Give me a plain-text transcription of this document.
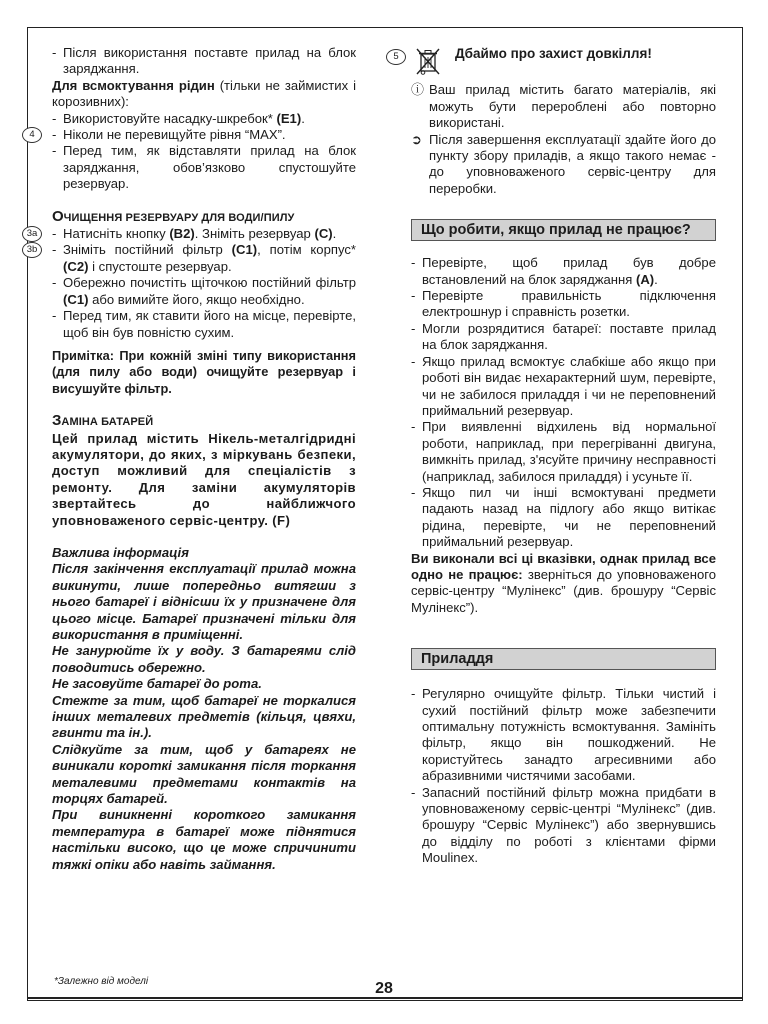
- Після використання поставте прилад на блок заряджання.

Для всмоктування рідин (тільки не займистих і корозивних):

- Використовуйте насадку-шкребок* (E1).
4	- Ніколи не перевищуйте рівня “MAX”.
- Перед тим, як відставляти прилад на блок заряджання, обов’язково спустошуйте резервуар.

ОЧИЩЕННЯ РЕЗЕРВУАРУ ДЛЯ ВОДИ/ПИЛУ

3a	- Натисніть кнопку (B2). Зніміть резервуар (C).
3b	- Зніміть постійний фільтр (C1), потім корпус* (C2) і спустоште резервуар.
- Обережно почистіть щіточкою постійний фільтр (C1) або вимийте його, якщо необхідно.
- Перед тим, як ставити його на місце, перевірте, щоб він був повністю сухим.

Примітка: При кожній зміні типу використання (для пилу або води) очищуйте резервуар і висушуйте фільтр.

ЗАМІНА БАТАРЕЙ

Цей прилад містить Нікель-металгідридні акумулятори, до яких, з міркувань безпеки, доступ можливий для спеціалістів з ремонту. Для заміни акумуляторів звертайтесь до найближчого уповноваженого сервіс-центру. (F)

Важлива інформація

Після закінчення експлуатації прилад можна викинути, лише попередньо витягши з нього батареї і віднісши їх у призначене для цього місце. Батареї призначені тільки для використання в приміщенні.

Не занурюйте їх у воду. З батареями слід поводитись обережно.

Не засовуйте батареї до рота.

Стежте за тим, щоб батареї не торкалися інших металевих предметів (кільця, цвяхи, гвинти та ін.).

Слідкуйте за тим, щоб у батареях не виникали короткі замикання після торкання металевими предметами контактів на торцях батарей.

При виникненні короткого замикання температура в батареї може піднятися настільки високо, що це може спричинити тяжкі опіки або навіть займання.

5	Дбаймо про захист довкілля!

ⓘ Ваш прилад містить багато матеріалів, які можуть бути перероблені або повторно використані.
➲ Після завершення експлуатації здайте його до пункту збору приладів, а якщо такого немає - до уповноваженого сервіс-центру для переробки.
Що робити, якщо прилад не працює?
- Перевірте, щоб прилад був добре встановлений на блок заряджання (A).
- Перевірте правильність підключення електрошнур і справність розетки.
- Могли розрядитися батареї: поставте прилад на блок заряджання.
- Якщо прилад всмоктує слабкіше або якщо при роботі він видає нехарактерний шум, перевірте, чи не забилося приладдя і чи не переповнений приймальний резервуар.
- При виявленні відхилень від нормальної роботи, наприклад, при перегріванні двигуна, вимкніть прилад, з'ясуйте причину несправності (наприклад, забилося приладдя) і усуньте її.
- Якщо пил чи інші всмоктувані предмети падають назад на підлогу або якщо витікає рідина, перевірте, чи не переповнений приймальний резервуар.

Ви виконали всі ці вказівки, однак прилад все одно не працює: зверніться до уповноваженого сервіс-центру “Мулінекс” (див. брошуру “Сервіс Мулінекс”).

Приладдя
- Регулярно очищуйте фільтр. Тільки чистий і сухий постійний фільтр може забезпечити оптимальну потужність всмоктування. Замініть фільтр, якщо він пошкоджений. Не користуйтесь занадто агресивними або абразивними чистячими засобами.
- Запасний постійний фільтр можна придбати в уповноваженому сервіс-центрі “Мулінекс” (див. брошуру “Сервіс Мулінекс”) або звернувшись до відділу по роботі з клієнтами фірми Moulinex.
*Залежно від моделі	28
